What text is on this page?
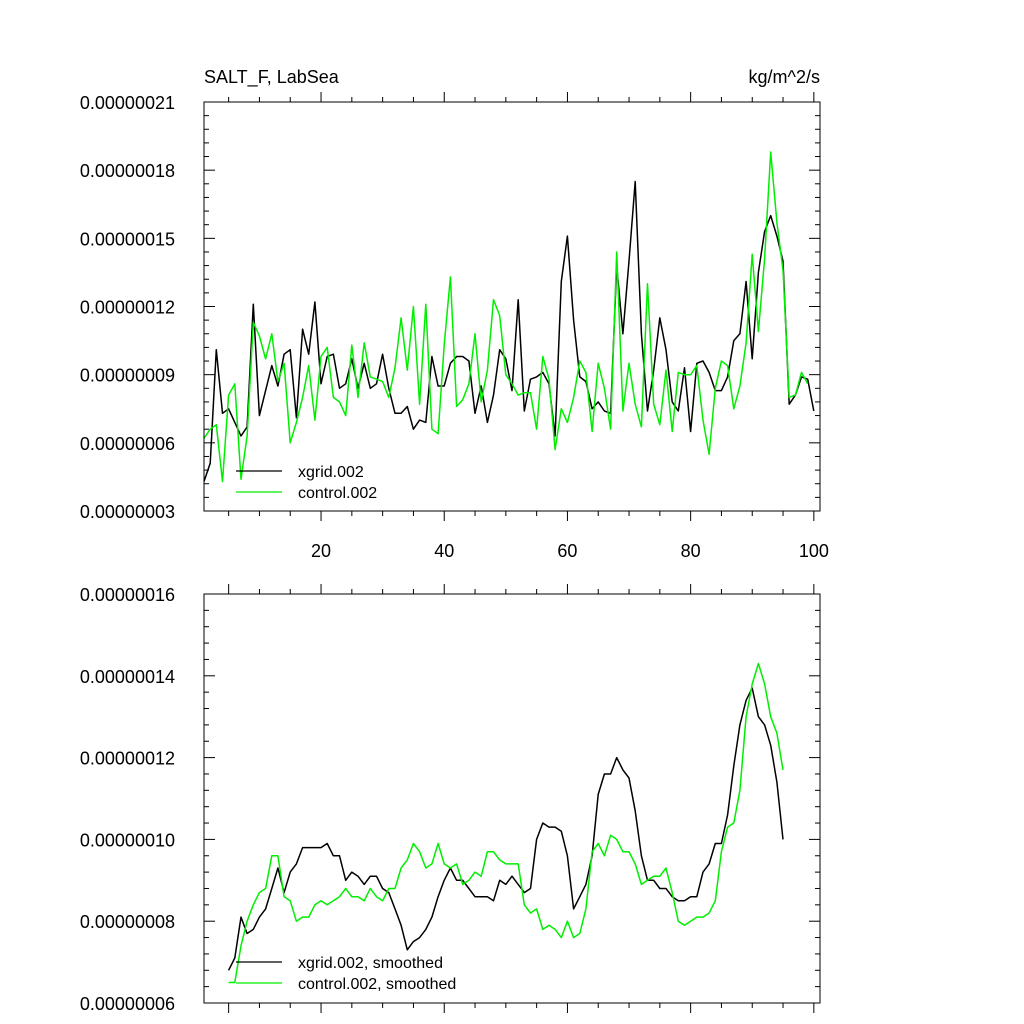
SALT_F, LabSea	kg/m^2/s
0.00000003
0.00000006
0.00000009
0.00000012
0.00000015
0.00000018
0.00000021
20	40	60	80	100
xgrid.002
control.002
0.00000006
0.00000008
0.00000010
0.00000012
0.00000014
0.00000016
xgrid.002, smoothed
control.002, smoothed
